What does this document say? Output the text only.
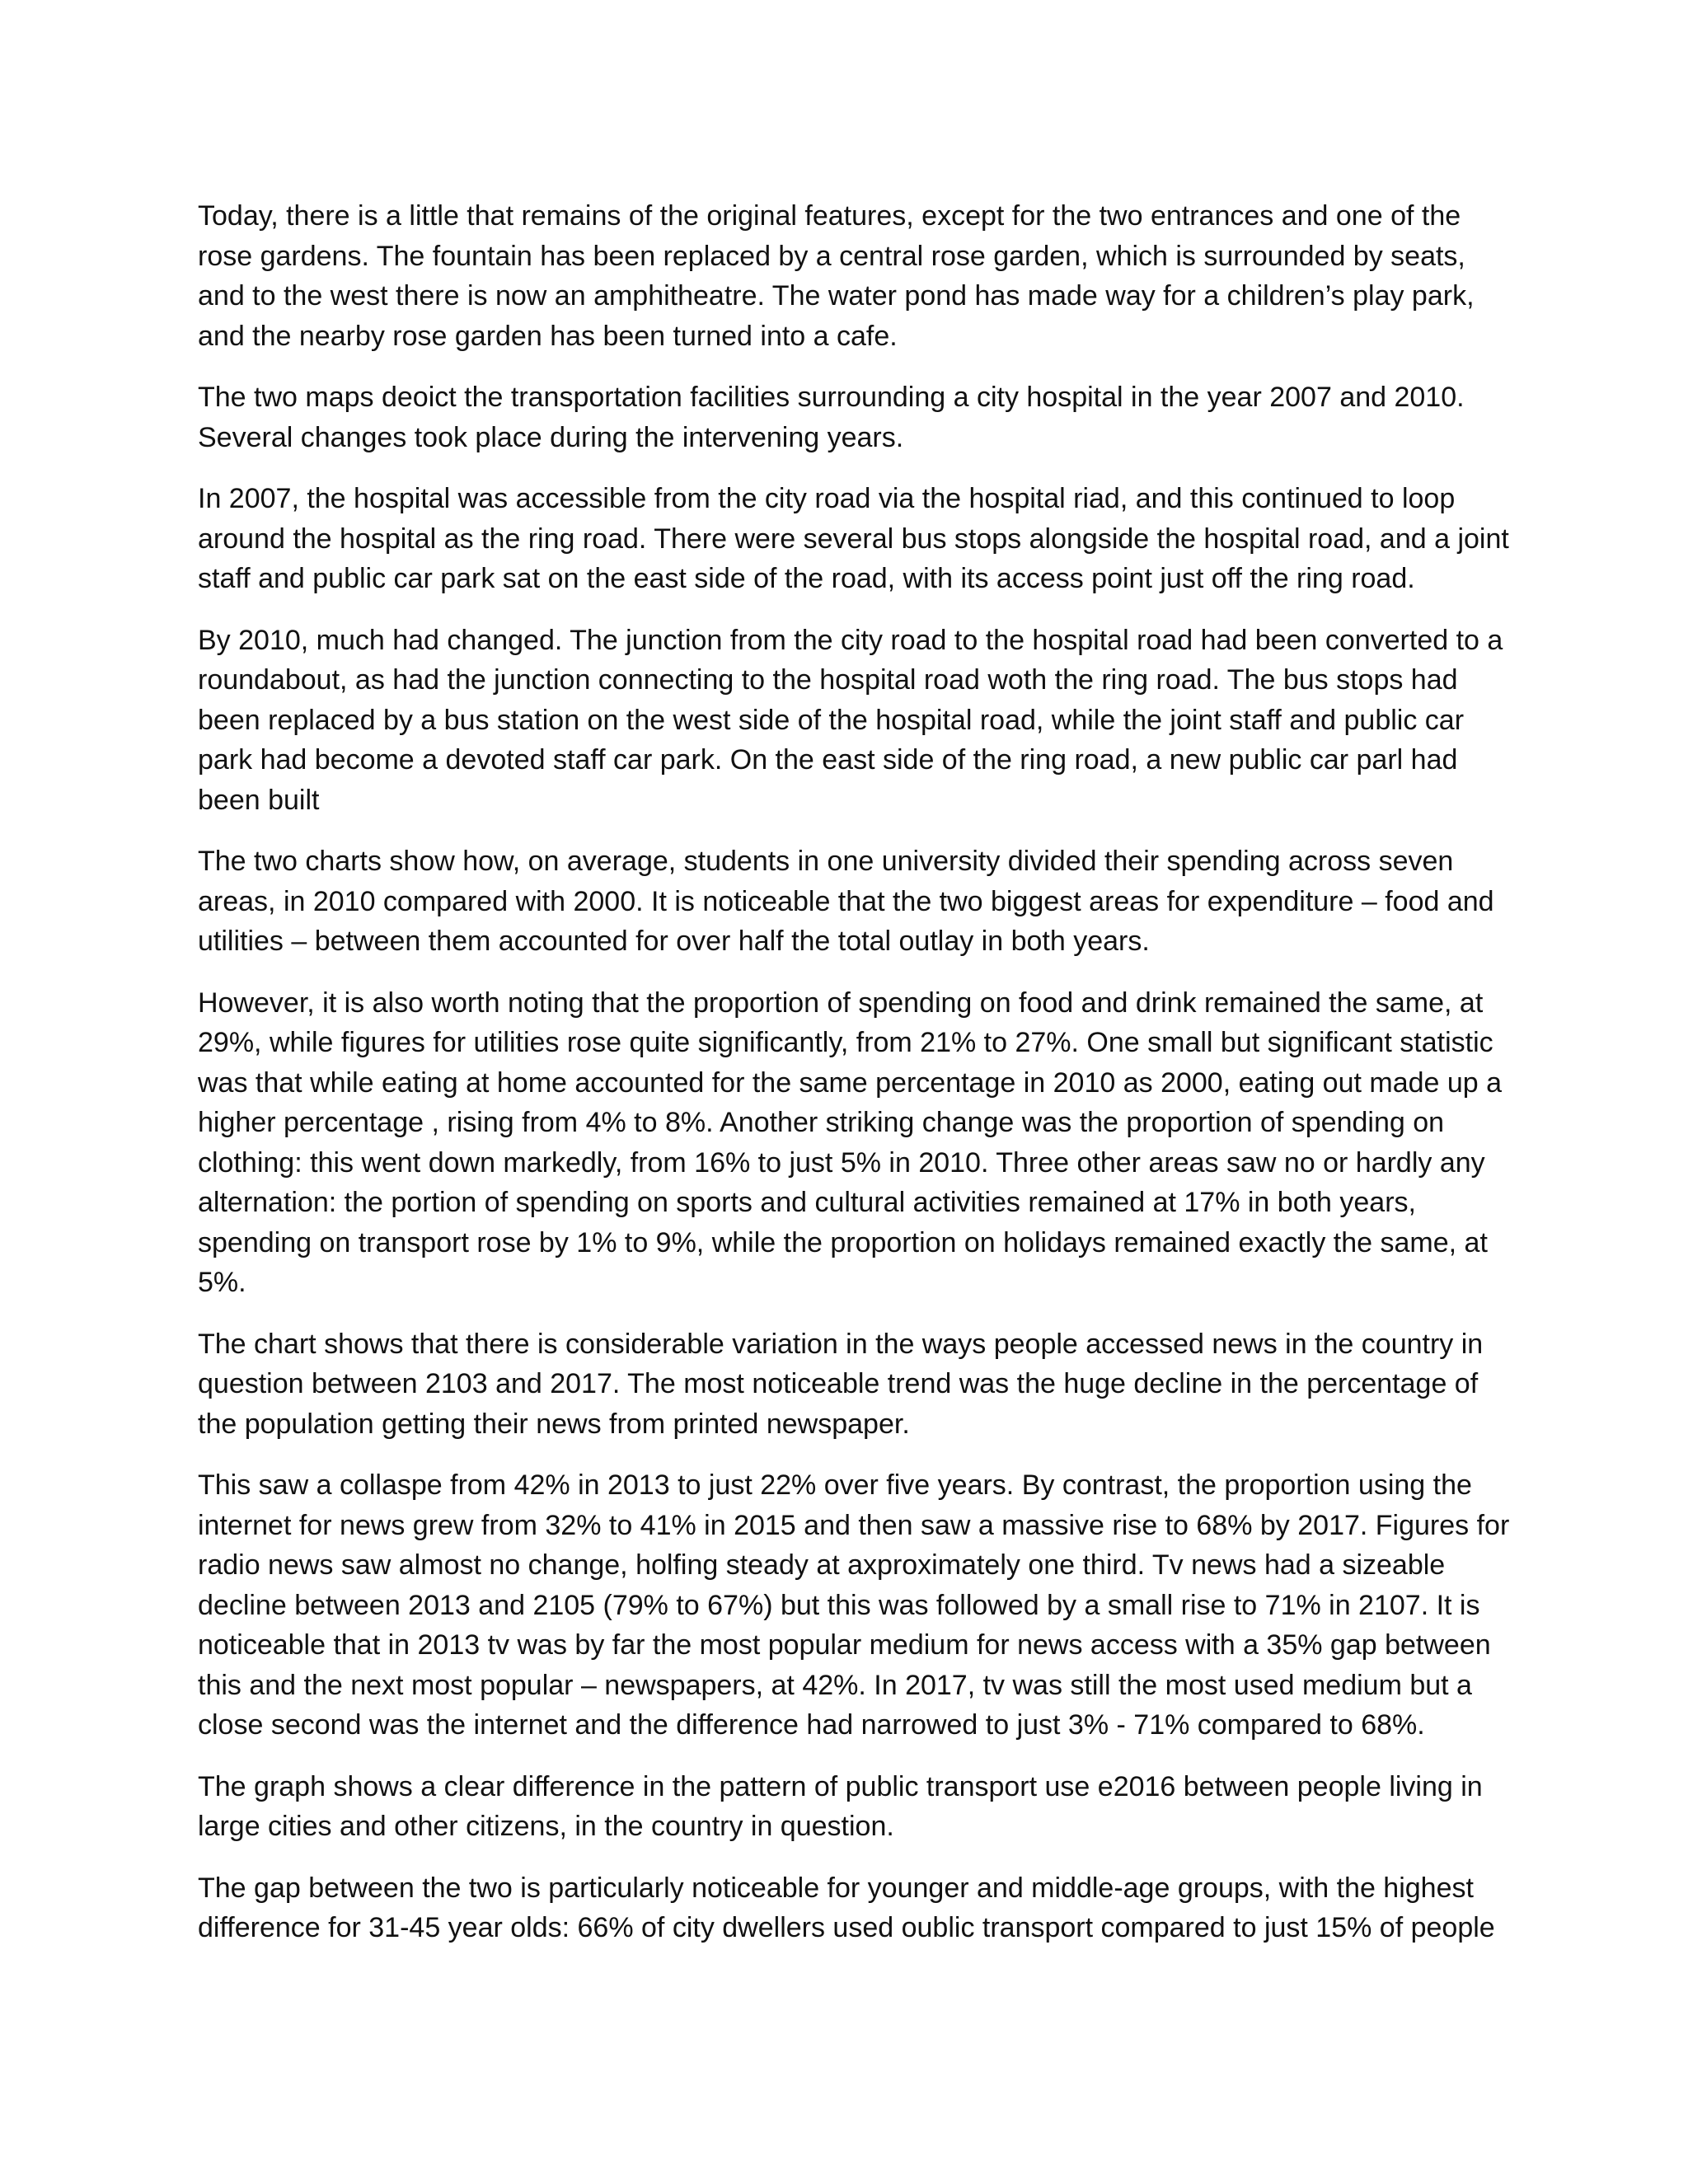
Today, there is a little that remains of the original features, except for the two entrances and one of the rose gardens. The fountain has been replaced by a central rose garden, which is surrounded by seats, and to the west there is now an amphitheatre. The water pond has made way for a children’s play park, and the nearby rose garden has been turned into a cafe.

The two maps deoict the transportation facilities surrounding a city hospital in the year 2007 and 2010. Several changes took place during the intervening years.

In 2007, the hospital was accessible from the city road via the hospital riad, and this continued to loop around the hospital as the ring road. There were several bus stops alongside the hospital road, and a joint staff and public car park sat on the east side of the road, with its access point just off the ring road.

By 2010, much had changed. The junction from the city road to the hospital road had been converted to a roundabout, as had the junction connecting to the hospital road woth the ring road. The bus stops had been replaced by a bus station on the west side of the hospital road, while the joint staff and public car park had become a devoted staff car park. On the east side of the ring road, a new public car parl had been built

The two charts show how, on average, students in one university divided their spending across seven areas, in 2010 compared with 2000. It is noticeable that the two biggest areas for expenditure – food and utilities – between them accounted for over half the total outlay in both years.

However, it is also worth noting that the proportion of spending on food and drink remained the same, at 29%, while figures for utilities rose quite significantly, from 21% to 27%. One small but significant statistic was that while eating at home accounted for the same percentage in 2010 as 2000, eating out made up a higher percentage , rising from 4% to 8%. Another striking change was the proportion of spending on clothing: this went down markedly, from 16% to just 5% in 2010. Three other areas saw no or hardly any alternation: the portion of spending on sports and cultural activities remained at 17% in both years, spending on transport rose by 1% to 9%, while the proportion on holidays remained exactly the same, at 5%.

The chart shows that there is considerable variation in the ways people accessed news in the country in question between 2103 and 2017. The most noticeable trend was the huge decline in the percentage of the population getting their news from printed newspaper.

This saw a collaspe from 42% in 2013 to just 22% over five years. By contrast, the proportion using the internet for news grew from 32% to 41% in 2015 and then saw a massive rise to 68% by 2017. Figures for radio news saw almost no change, holfing steady at axproximately one third. Tv news had a sizeable decline between 2013 and 2105 (79% to 67%) but this was followed by a small rise to 71% in 2107. It is noticeable that in 2013 tv was by far the most popular medium for news access with a 35% gap between this and the next most popular – newspapers, at 42%. In 2017, tv was still the most used medium but a close second was the internet and the difference had narrowed to just 3% - 71% compared to 68%.

The graph shows a clear difference in the pattern of public transport use e2016 between people living in large cities and other citizens, in the country in question.

The gap between the two is particularly noticeable for younger and middle-age groups, with the highest difference for 31-45 year olds: 66% of city dwellers used oublic transport compared to just 15% of people
